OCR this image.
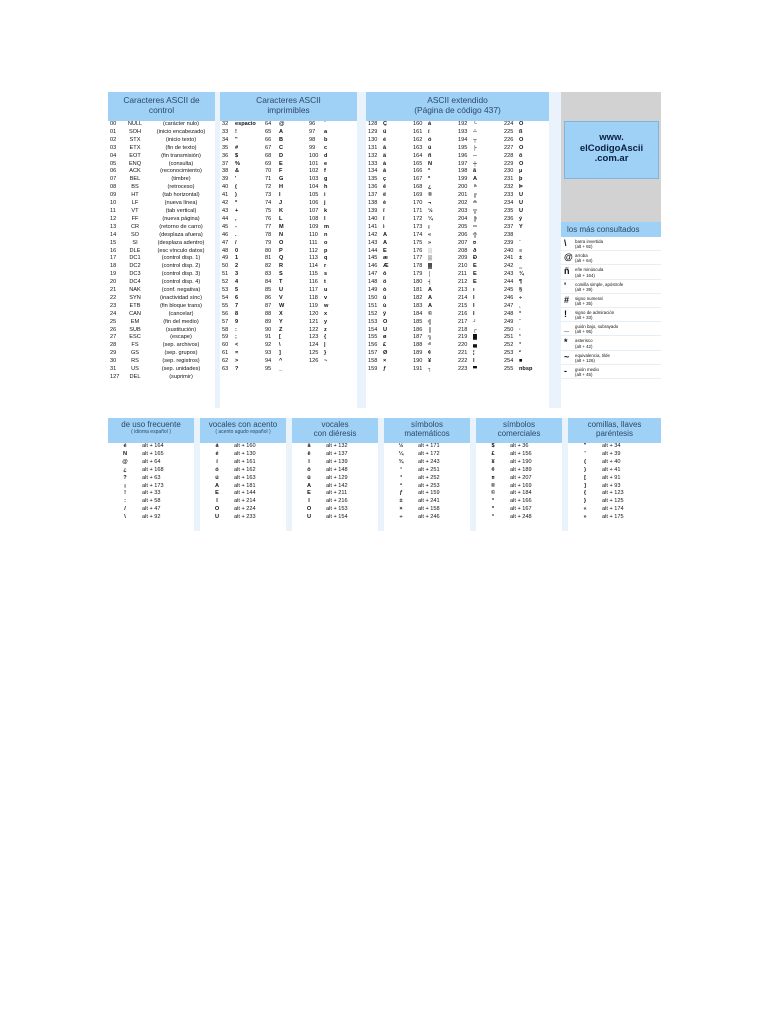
Caracteres ASCII de
control
00	NULL	(carácter nulo)
01	SOH	(inicio encabezado)
02	STX	(inicio texto)
03	ETX	(fin de texto)
04	EOT	(fin transmisión)
05	ENQ	(consulta)
06	ACK	(reconocimiento)
07	BEL	(timbre)
08	BS	(retroceso)
09	HT	(tab horizontal)
10	LF	(nueva línea)
11	VT	(tab vertical)
12	FF	(nueva página)
13	CR	(retorno de carro)
14	SO	(desplaza afuera)
15	SI	(desplaza adentro)
16	DLE	(esc vínculo datos)
17	DC1	(control disp. 1)
18	DC2	(control disp. 2)
19	DC3	(control disp. 3)
20	DC4	(control disp. 4)
21	NAK	(conf. negativa)
22	SYN	(inactividad sínc)
23	ETB	(fin bloque trans)
24	CAN	(cancelar)
25	EM	(fin del medio)
26	SUB	(sustitución)
27	ESC	(escape)
28	FS	(sep. archivos)
29	GS	(sep. grupos)
30	RS	(sep. registros)
31	US	(sep. unidades)
127	DEL	(suprimir)
Caracteres ASCII
imprimibles
32	espacio	64	@	96	`
33	!	65	A	97	a
34	"	66	B	98	b
35	#	67	C	99	c
36	$	68	D	100	d
37	%	69	E	101	e
38	&	70	F	102	f
39	'	71	G	103	g
40	(	72	H	104	h
41	)	73	I	105	i
42	*	74	J	106	j
43	+	75	K	107	k
44	,	76	L	108	l
45	-	77	M	109	m
46	.	78	N	110	n
47	/	79	O	111	o
48	0	80	P	112	p
49	1	81	Q	113	q
50	2	82	R	114	r
51	3	83	S	115	s
52	4	84	T	116	t
53	5	85	U	117	u
54	6	86	V	118	v
55	7	87	W	119	w
56	8	88	X	120	x
57	9	89	Y	121	y
58	:	90	Z	122	z
59	;	91	[	123	{
60	<	92	\	124	|
61	=	93	]	125	}
62	>	94	^	126	~
63	?	95	_		
ASCII extendido
(Página de código 437)
128	Ç	160	á	192	└	224	Ó
129	ü	161	í	193	┴	225	ß
130	é	162	ó	194	┬	226	Ô
131	â	163	ú	195	├	227	Ò
132	ä	164	ñ	196	─	228	õ
133	à	165	Ñ	197	┼	229	Õ
134	å	166	ª	198	ã	230	µ
135	ç	167	º	199	Ã	231	þ
136	ê	168	¿	200	╚	232	Þ
137	ë	169	®	201	╔	233	Ú
138	è	170	¬	202	╩	234	Û
139	ï	171	½	203	╦	235	Ù
140	î	172	¼	204	╠	236	ý
141	ì	173	¡	205	═	237	Ý
142	Ä	174	«	206	╬	238	¯
143	Å	175	»	207	¤	239	´
144	É	176	░	208	ð	240	≡
145	æ	177	▒	209	Ð	241	±
146	Æ	178	▓	210	Ê	242	‗
147	ô	179	│	211	Ë	243	¾
148	ö	180	┤	212	È	244	¶
149	ò	181	Á	213	ı	245	§
150	û	182	Â	214	Í	246	÷
151	ù	183	À	215	Î	247	¸
152	ÿ	184	©	216	Ï	248	°
153	Ö	185	╣	217	┘	249	¨
154	Ü	186	║	218	┌	250	·
155	ø	187	╗	219	█	251	¹
156	£	188	╝	220	▄	252	³
157	Ø	189	¢	221	¦	253	²
158	×	190	¥	222	Ì	254	■
159	ƒ	191	┐	223	▀	255	nbsp
www.
elCodigoAscii
.com.ar
los más consultados
\	barra invertida
(alt + 92)
@ arroba
(alt + 64)
ñ	eñe minúscula
(alt + 164)
'	comilla simple, apóstrofe
(alt + 39)
#	signo numeral
(alt + 35)
!	signo de admiración
(alt + 33)
_	guión bajo, subrayado
(alt + 95)
*	asterisco
(alt + 42)
~	equivalencia, tilde
(alt + 126)
-	guión medio
(alt + 45)
de uso frecuente
( idioma español )
é	alt + 164
Ñ	alt + 165
@	alt + 64
¿	alt + 168
?	alt + 63
¡	alt + 173
!	alt + 33
:	alt + 58
/	alt + 47
\	alt + 92
vocales con acento
( acento agudo español )
á	alt + 160
é	alt + 130
í	alt + 161
ó	alt + 162
ú	alt + 163
Á	alt + 181
É	alt + 144
Í	alt + 214
Ó	alt + 224
Ú	alt + 233
vocales
con diéresis
ä	alt + 132
ë	alt + 137
ï	alt + 139
ö	alt + 148
ü	alt + 129
Ä	alt + 142
Ë	alt + 211
Ï	alt + 216
Ö	alt + 153
Ü	alt + 154
símbolos
matemáticos
½	alt + 171
¼	alt + 172
¾	alt + 243
¹	alt + 251
³	alt + 252
²	alt + 253
ƒ	alt + 159
±	alt + 241
×	alt + 158
÷	alt + 246
símbolos
comerciales
$	alt + 36
£	alt + 156
¥	alt + 190
¢	alt + 189
¤	alt + 207
®	alt + 169
©	alt + 184
ª	alt + 166
º	alt + 167
°	alt + 248
comillas, llaves
paréntesis
"	alt + 34
'	alt + 39
(	alt + 40
)	alt + 41
[	alt + 91
]	alt + 93
{	alt + 123
}	alt + 125
«	alt + 174
»	alt + 175
